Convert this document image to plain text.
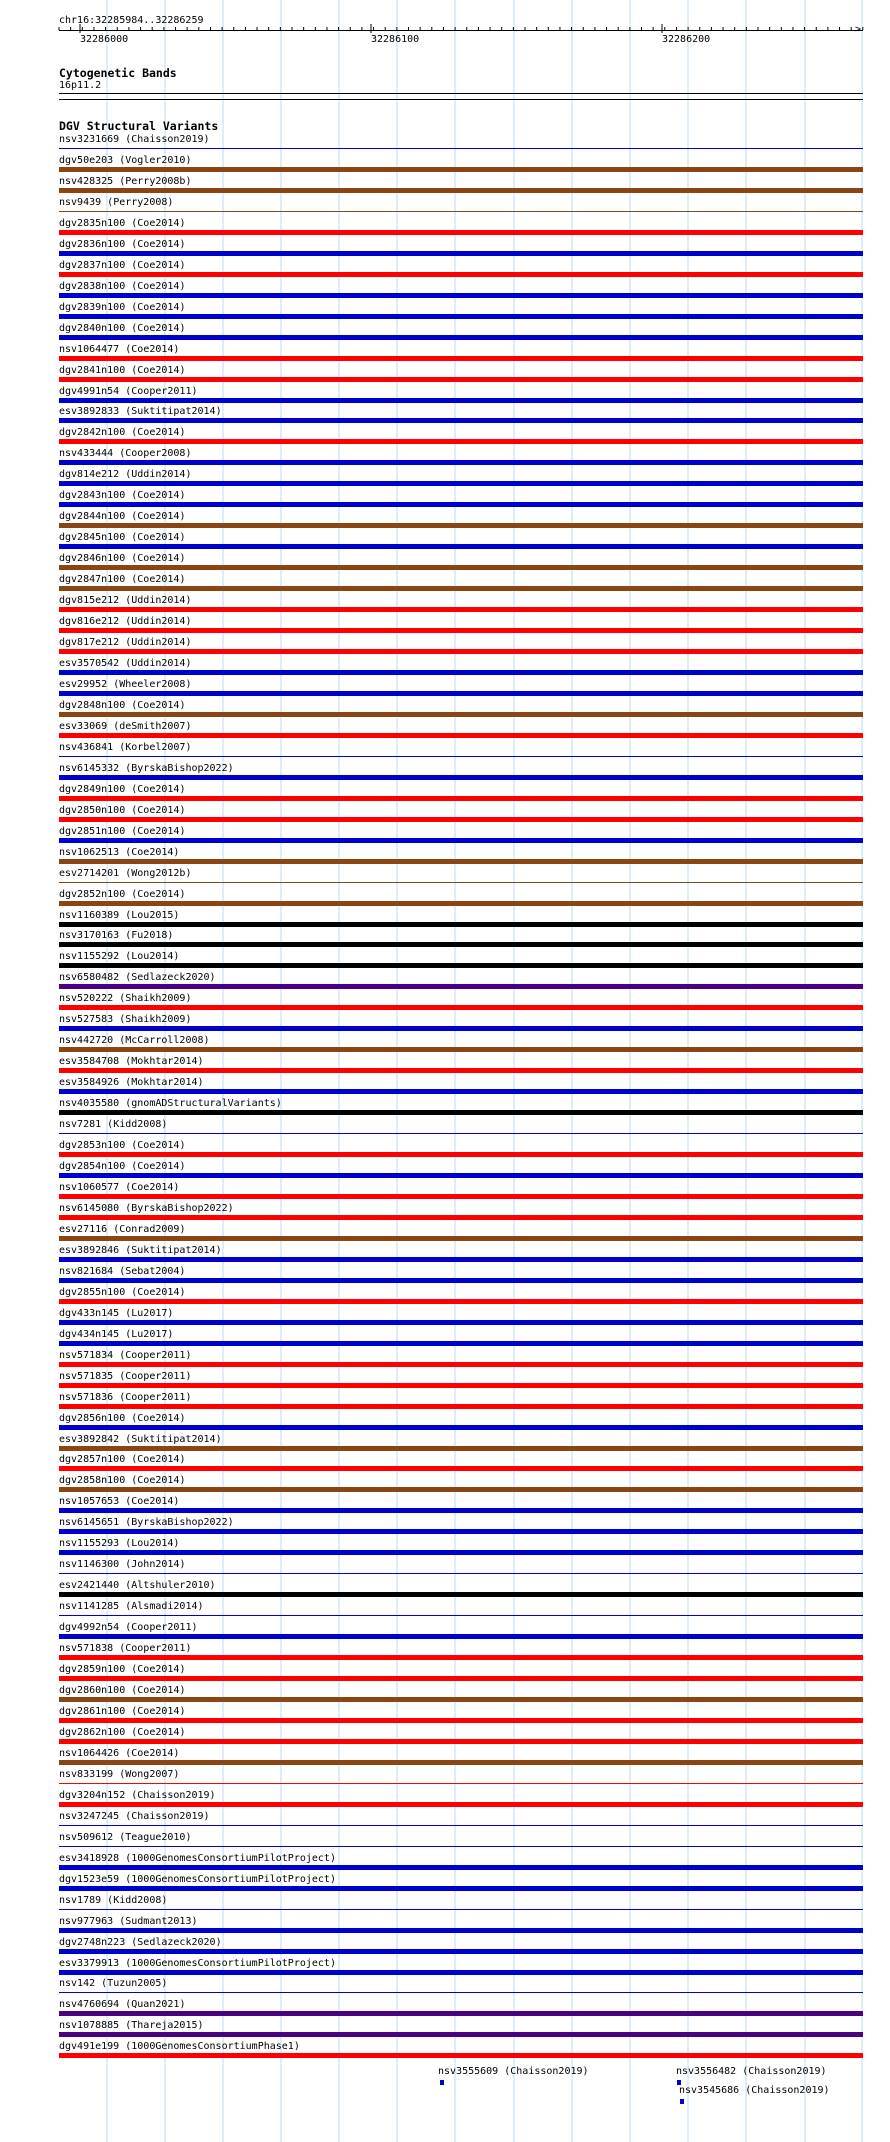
chr16:32285984..32286259
>
32286000	32286100	32286200
Cytogenetic Bands
16p11.2
DGV Structural Variants
nsv3231669 (Chaisson2019)
dgv50e203 (Vogler2010)
nsv428325 (Perry2008b)
nsv9439 (Perry2008)
dgv2835n100 (Coe2014)
dgv2836n100 (Coe2014)
dgv2837n100 (Coe2014)
dgv2838n100 (Coe2014)
dgv2839n100 (Coe2014)
dgv2840n100 (Coe2014)
nsv1064477 (Coe2014)
dgv2841n100 (Coe2014)
dgv4991n54 (Cooper2011)
esv3892833 (Suktitipat2014)
dgv2842n100 (Coe2014)
nsv433444 (Cooper2008)
dgv814e212 (Uddin2014)
dgv2843n100 (Coe2014)
dgv2844n100 (Coe2014)
dgv2845n100 (Coe2014)
dgv2846n100 (Coe2014)
dgv2847n100 (Coe2014)
dgv815e212 (Uddin2014)
dgv816e212 (Uddin2014)
dgv817e212 (Uddin2014)
esv3570542 (Uddin2014)
esv29952 (Wheeler2008)
dgv2848n100 (Coe2014)
esv33069 (deSmith2007)
nsv436841 (Korbel2007)
nsv6145332 (ByrskaBishop2022)
dgv2849n100 (Coe2014)
dgv2850n100 (Coe2014)
dgv2851n100 (Coe2014)
nsv1062513 (Coe2014)
esv2714201 (Wong2012b)
dgv2852n100 (Coe2014)
nsv1160389 (Lou2015)
nsv3170163 (Fu2018)
nsv1155292 (Lou2014)
nsv6580482 (Sedlazeck2020)
nsv520222 (Shaikh2009)
nsv527583 (Shaikh2009)
nsv442720 (McCarroll2008)
esv3584708 (Mokhtar2014)
esv3584926 (Mokhtar2014)
nsv4035580 (gnomADStructuralVariants)
nsv7281 (Kidd2008)
dgv2853n100 (Coe2014)
dgv2854n100 (Coe2014)
nsv1060577 (Coe2014)
nsv6145080 (ByrskaBishop2022)
esv27116 (Conrad2009)
esv3892846 (Suktitipat2014)
nsv821684 (Sebat2004)
dgv2855n100 (Coe2014)
dgv433n145 (Lu2017)
dgv434n145 (Lu2017)
nsv571834 (Cooper2011)
nsv571835 (Cooper2011)
nsv571836 (Cooper2011)
dgv2856n100 (Coe2014)
esv3892842 (Suktitipat2014)
dgv2857n100 (Coe2014)
dgv2858n100 (Coe2014)
nsv1057653 (Coe2014)
nsv6145651 (ByrskaBishop2022)
nsv1155293 (Lou2014)
nsv1146300 (John2014)
esv2421440 (Altshuler2010)
nsv1141285 (Alsmadi2014)
dgv4992n54 (Cooper2011)
nsv571838 (Cooper2011)
dgv2859n100 (Coe2014)
dgv2860n100 (Coe2014)
dgv2861n100 (Coe2014)
dgv2862n100 (Coe2014)
nsv1064426 (Coe2014)
nsv833199 (Wong2007)
dgv3204n152 (Chaisson2019)
nsv3247245 (Chaisson2019)
nsv509612 (Teague2010)
esv3418928 (1000GenomesConsortiumPilotProject)
dgv1523e59 (1000GenomesConsortiumPilotProject)
nsv1789 (Kidd2008)
nsv977963 (Sudmant2013)
dgv2748n223 (Sedlazeck2020)
esv3379913 (1000GenomesConsortiumPilotProject)
nsv142 (Tuzun2005)
nsv4760694 (Quan2021)
nsv1078885 (Thareja2015)
dgv491e199 (1000GenomesConsortiumPhase1)
nsv3555609 (Chaisson2019)	nsv3556482 (Chaisson2019)
nsv3545686 (Chaisson2019)
